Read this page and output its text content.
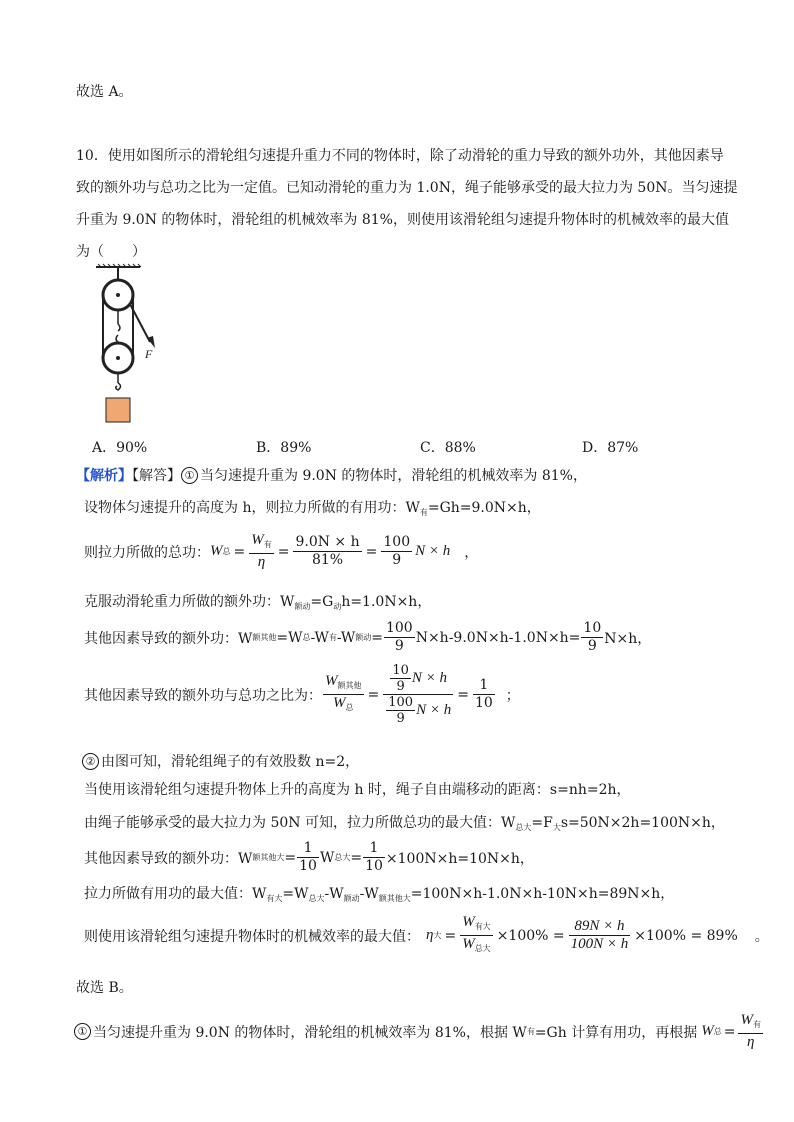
故选 A。
10．使用如图所示的滑轮组匀速提升重力不同的物体时，除了动滑轮的重力导致的额外功外，其他因素导
致的额外功与总功之比为一定值。已知动滑轮的重力为 1.0N，绳子能够承受的最大拉力为 50N。当匀速提
升重为 9.0N 的物体时，滑轮组的机械效率为 81%，则使用该滑轮组匀速提升物体时的机械效率的最大值
为（　　）
F
A．90%	B．89%	C．88%	D．87%
【解析】【解答】 ① 当匀速提升重为 9.0N 的物体时，滑轮组的机械效率为 81%，
设物体匀速提升的高度为 h，则拉力所做的有用功：$W_有=Gh=9.0N\times h$，
则拉力所做的总功： W 总 = $\frac{W_有}{\eta} = \frac{9.0N \times h}{81\%} = \frac{100}{9}$ N × h ，
克服动滑轮重力所做的额外功：$W_{额动}=G_动h=1.0N\times h$，
其他因素导致的额外功：W 额其他 =W 总 -W 有 -W 额动 = $\frac{100}{9} N\times h-9.0N\times h-1.0N\times h= \frac{10}{9} N\times h$，
其他因素导致的额外功与总功之比为： $\frac{W_{额其他}}{W_总} = \frac{\frac{10}{9} N \times h}{\frac{100}{9} N \times h} = \frac{1}{10}$ ；
② 由图可知，滑轮组绳子的有效股数 n=2，
当使用该滑轮组匀速提升物体上升的高度为 h 时，绳子自由端移动的距离：s=nh=2h，
由绳子能够承受的最大拉力为 50N 可知，拉力所做总功的最大值：$W_{总大}=F_大s=50N\times 2h=100N\times h$，
其他因素导致的额外功：W 额其他大 = $\frac{1}{10}$ W 总大 = $\frac{1}{10} \times 100N\times h=10N\times h$，
拉力所做有用功的最大值：$W_{有大}=W_{总大}-W_{额动}-W_{额其他大}=100N\times h-1.0N\times h-10N\times h=89N\times h$，
则使用该滑轮组匀速提升物体时的机械效率的最大值： η 大 = $\frac{W_{有大}}{W_{总大}} \times 100\% = \frac{89N \times h}{100N \times h} \times 100\% = 89\%$ 。
故选 B。
① 当匀速提升重为 9.0N 的物体时，滑轮组的机械效率为 81%，根据 W 有 =Gh 计算有用功，再根据 W 总 = $\frac{W_有}{\eta}$
